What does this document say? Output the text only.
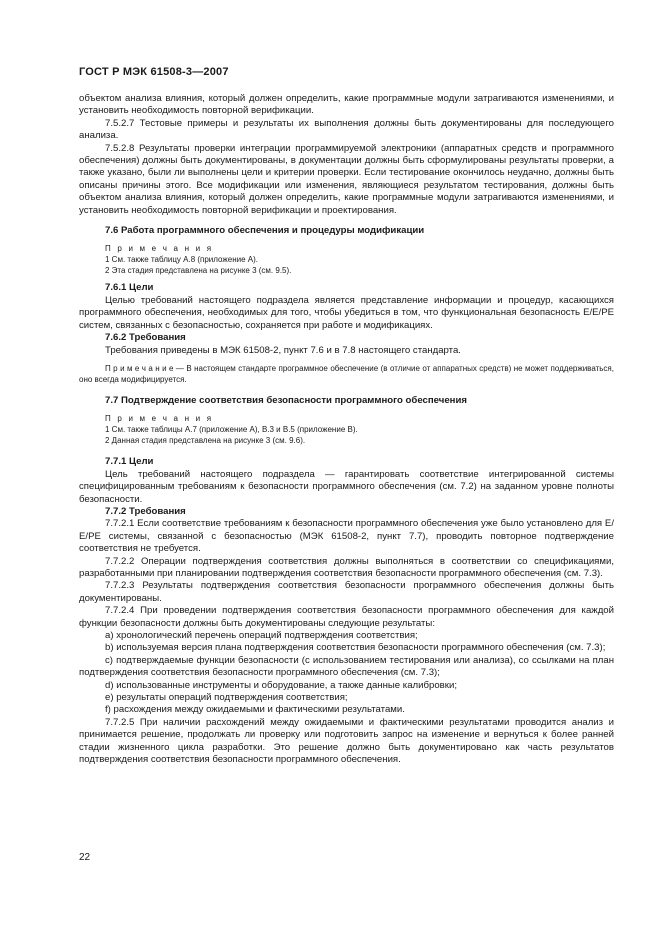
ГОСТ Р МЭК 61508-3—2007

объектом анализа влияния, который должен определить, какие программные модули затрагиваются изменениями, и установить необходимость повторной верификации.

7.5.2.7 Тестовые примеры и результаты их выполнения должны быть документированы для последующего анализа.

7.5.2.8 Результаты проверки интеграции программируемой электроники (аппаратных средств и программного обеспечения) должны быть документированы, в документации должны быть сформулированы результаты проверки, а также указано, были ли выполнены цели и критерии проверки. Если тестирование окончилось неудачно, должны быть описаны причины этого. Все модификации или изменения, являющиеся результатом тестирования, должны быть объектом анализа влияния, который должен определить, какие программные модули затрагиваются изменениями, и установить необходимость повторной верификации и проектирования.

7.6 Работа программного обеспечения и процедуры модификации
П р и м е ч а н и я
1 См. также таблицу А.8 (приложение А).
2 Эта стадия представлена на рисунке 3 (см. 9.5).
7.6.1 Цели

Целью требований настоящего подраздела является представление информации и процедур, касающихся программного обеспечения, необходимых для того, чтобы убедиться в том, что функциональная безопасность Е/Е/РЕ систем, связанных с безопасностью, сохраняется при работе и модификациях.

7.6.2 Требования

Требования приведены в МЭК 61508-2, пункт 7.6 и в 7.8 настоящего стандарта.

П р и м е ч а н и е — В настоящем стандарте программное обеспечение (в отличие от аппаратных средств) не может поддерживаться, оно всегда модифицируется.

7.7 Подтверждение соответствия безопасности программного обеспечения
П р и м е ч а н и я
1 См. также таблицы А.7 (приложение А), В.3 и В.5 (приложение В).
2 Данная стадия представлена на рисунке 3 (см. 9.6).
7.7.1 Цели

Цель требований настоящего подраздела — гарантировать соответствие интегрированной системы специфицированным требованиям к безопасности программного обеспечения (см. 7.2) на заданном уровне полноты безопасности.

7.7.2 Требования

7.7.2.1 Если соответствие требованиям к безопасности программного обеспечения уже было установлено для Е/Е/РЕ системы, связанной с безопасностью (МЭК 61508-2, пункт 7.7), проводить повторное подтверждение соответствия не требуется.

7.7.2.2 Операции подтверждения соответствия должны выполняться в соответствии со спецификациями, разработанными при планировании подтверждения соответствия безопасности программного обеспечения (см. 7.3).

7.7.2.3 Результаты подтверждения соответствия безопасности программного обеспечения должны быть документированы.

7.7.2.4 При проведении подтверждения соответствия безопасности программного обеспечения для каждой функции безопасности должны быть документированы следующие результаты:

a) хронологический перечень операций подтверждения соответствия;

b) используемая версия плана подтверждения соответствия безопасности программного обеспечения (см. 7.3);

c) подтверждаемые функции безопасности (с использованием тестирования или анализа), со ссылками на план подтверждения соответствия безопасности программного обеспечения (см. 7.3);

d) использованные инструменты и оборудование, а также данные калибровки;

e) результаты операций подтверждения соответствия;

f) расхождения между ожидаемыми и фактическими результатами.

7.7.2.5 При наличии расхождений между ожидаемыми и фактическими результатами проводится анализ и принимается решение, продолжать ли проверку или подготовить запрос на изменение и вернуться к более ранней стадии жизненного цикла разработки. Это решение должно быть документировано как часть результатов подтверждения соответствия безопасности программного обеспечения.

22
